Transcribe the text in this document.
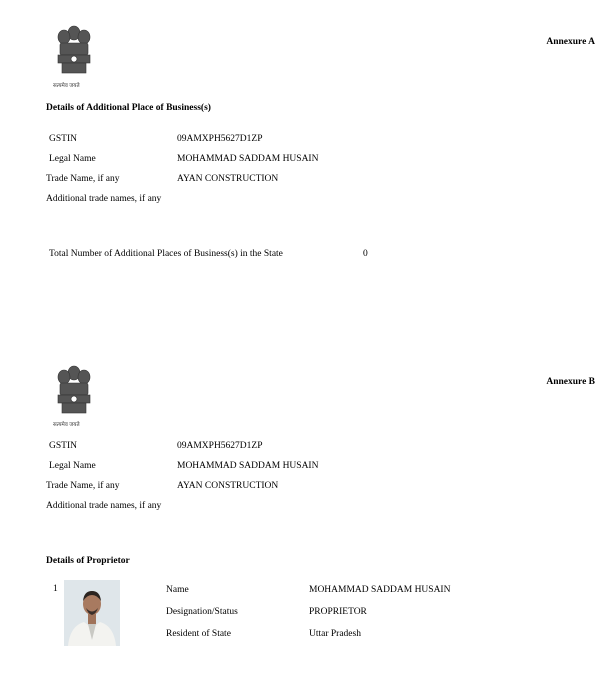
सत्यमेव जयते
Annexure A
Details of Additional Place of Business(s)
GSTIN	09AMXPH5627D1ZP
Legal Name	MOHAMMAD SADDAM HUSAIN
Trade Name, if any	AYAN CONSTRUCTION
Additional trade names, if any
Total Number of Additional Places of Business(s) in the State	0
सत्यमेव जयते
Annexure B
GSTIN	09AMXPH5627D1ZP
Legal Name	MOHAMMAD SADDAM HUSAIN
Trade Name, if any	AYAN CONSTRUCTION
Additional trade names, if any
Details of Proprietor
1	Name	MOHAMMAD SADDAM HUSAIN
Designation/Status	PROPRIETOR
Resident of State	Uttar Pradesh
